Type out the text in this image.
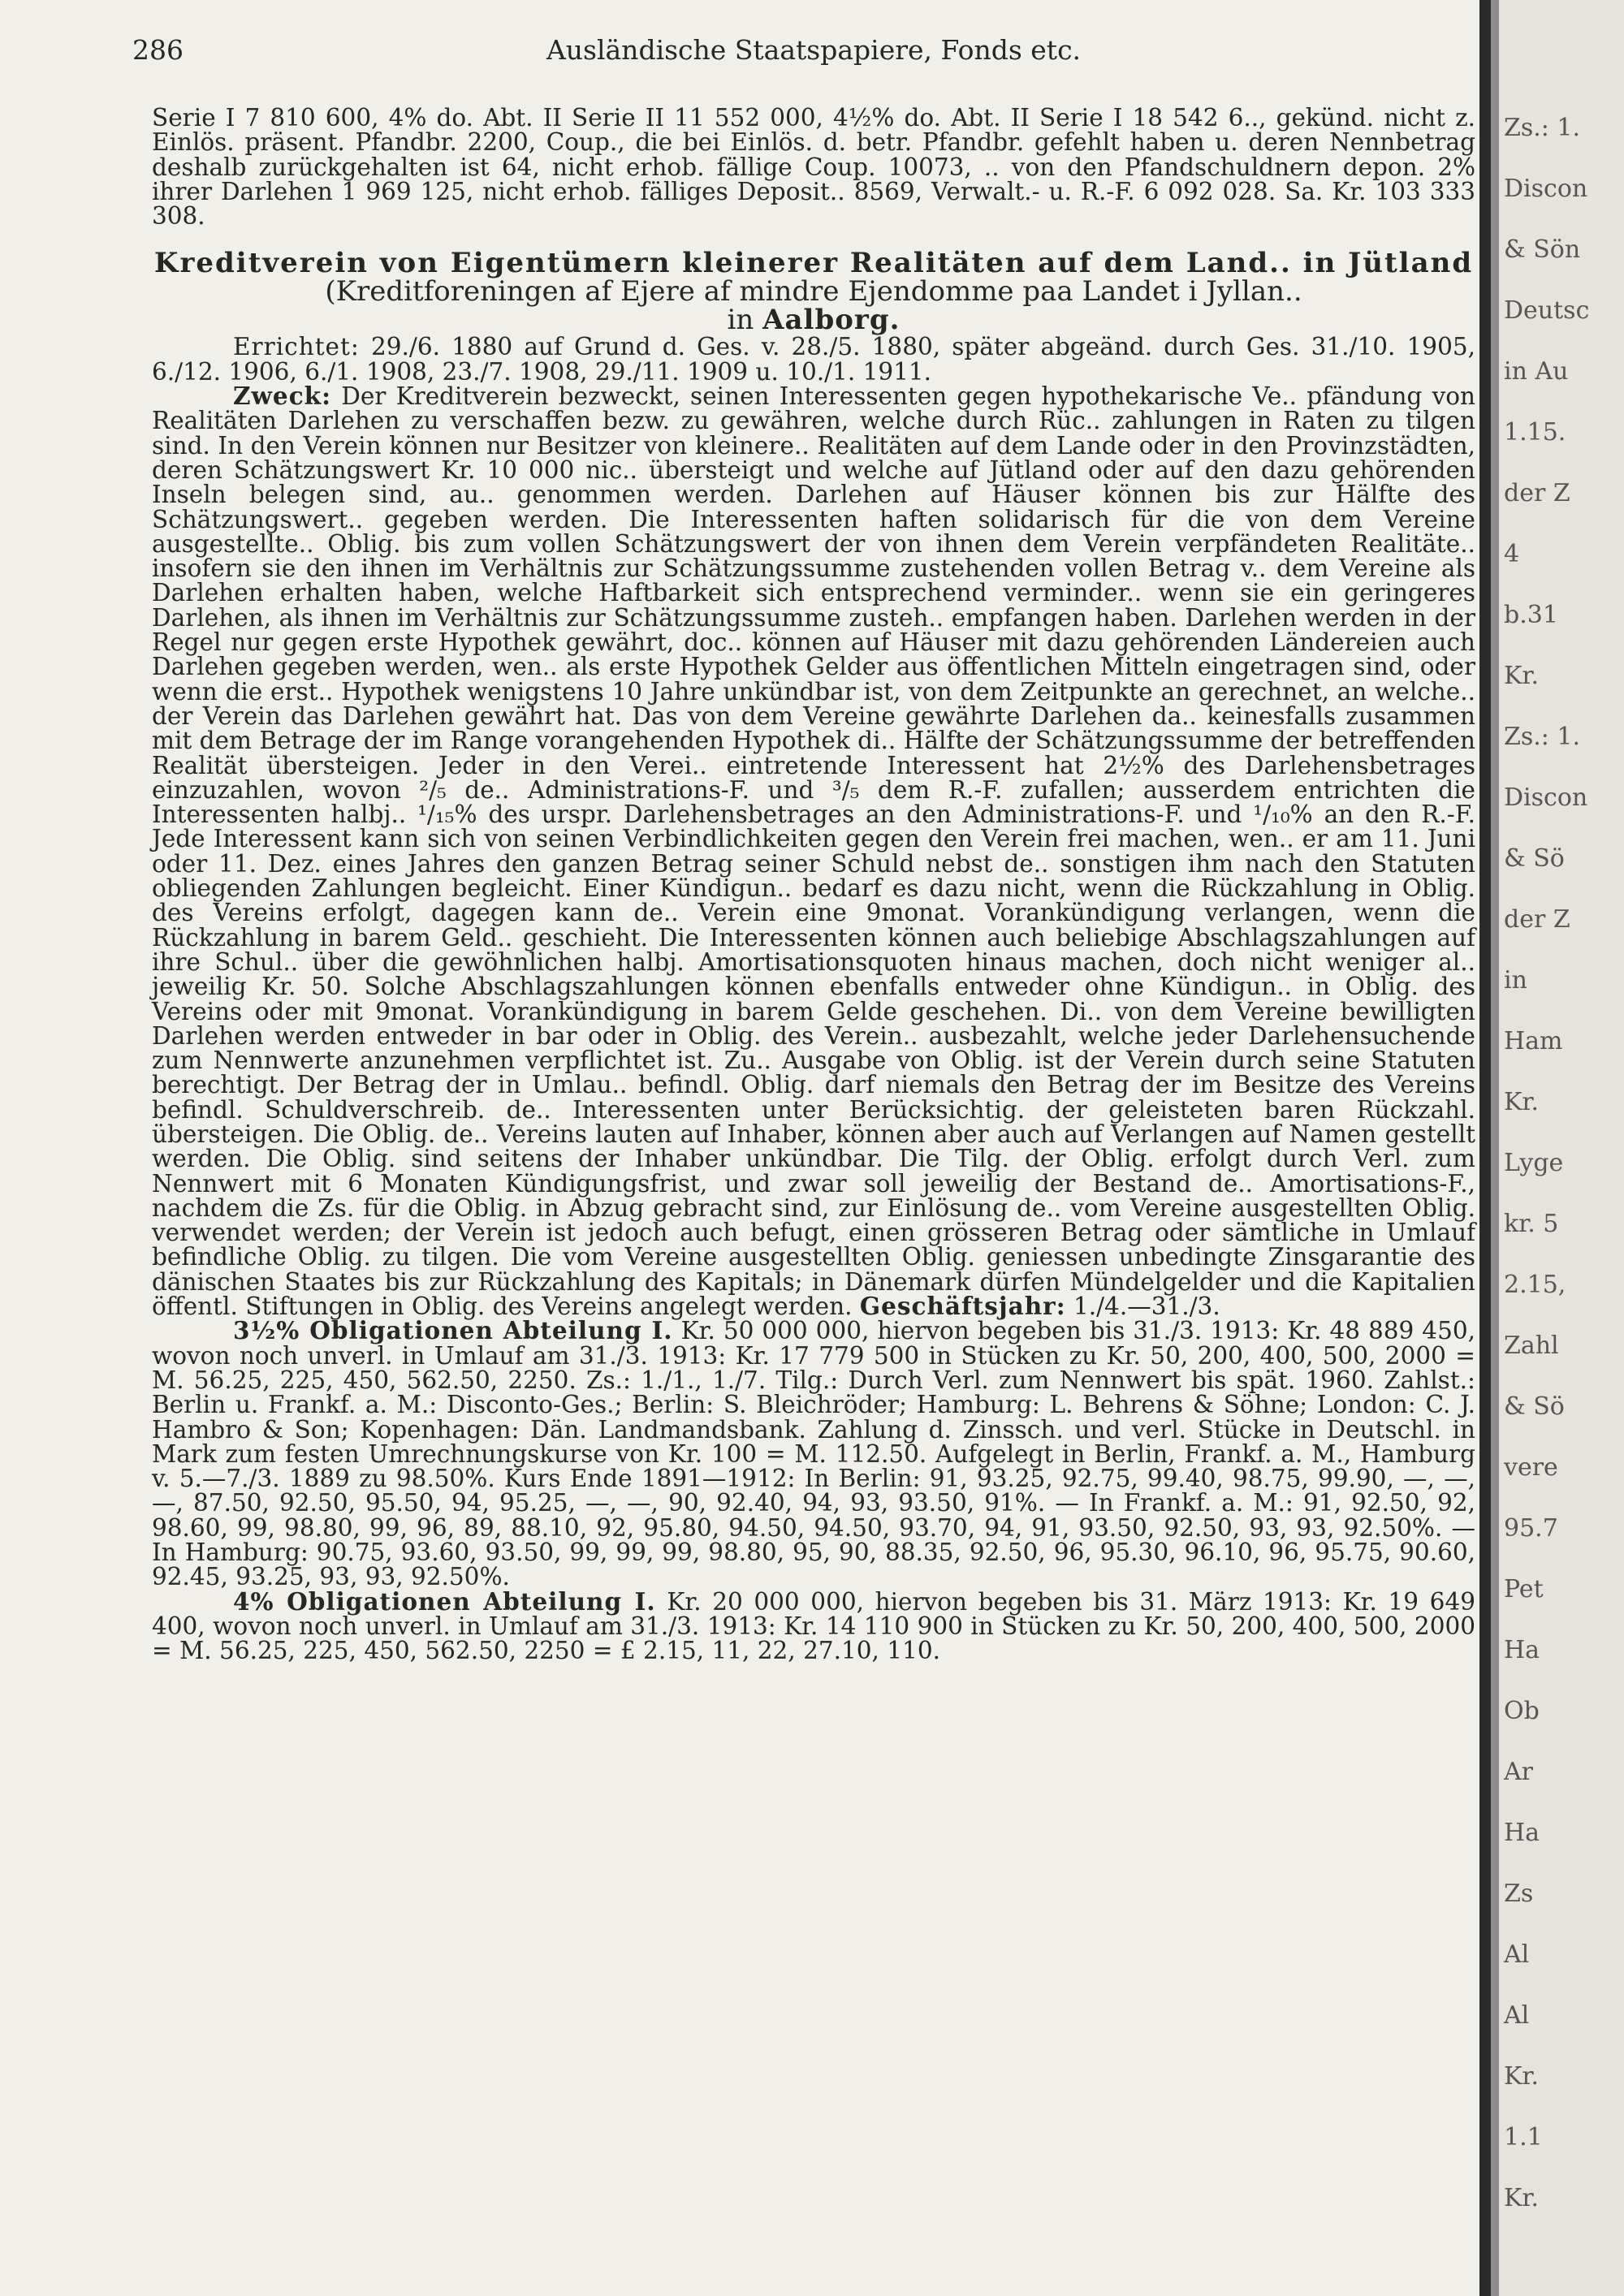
286	Ausländische Staatspapiere, Fonds etc.

Serie I 7 810 600, 4% do. Abt. II Serie II 11 552 000, 4½% do. Abt. II Serie I 18 542 6.., gekünd. nicht z. Einlös. präsent. Pfandbr. 2200, Coup., die bei Einlös. d. betr. Pfandbr. gefehlt haben u. deren Nennbetrag deshalb zurückgehalten ist 64, nicht erhob. fällige Coup. 10073, .. von den Pfandschuldnern depon. 2% ihrer Darlehen 1 969 125, nicht erhob. fälliges Deposit.. 8569, Verwalt.- u. R.-F. 6 092 028. Sa. Kr. 103 333 308.

Kreditverein von Eigentümern kleinerer Realitäten auf dem Land.. in Jütland (Kreditforeningen af Ejere af mindre Ejendomme paa Landet i Jyllan..
in Aalborg.

Errichtet: 29./6. 1880 auf Grund d. Ges. v. 28./5. 1880, später abgeänd. durch Ges. 31./10. 1905, 6./12. 1906, 6./1. 1908, 23./7. 1908, 29./11. 1909 u. 10./1. 1911.

Zweck: Der Kreditverein bezweckt, seinen Interessenten gegen hypothekarische Ve.. pfändung von Realitäten Darlehen zu verschaffen bezw. zu gewähren, welche durch Rüc.. zahlungen in Raten zu tilgen sind. In den Verein können nur Besitzer von kleinere.. Realitäten auf dem Lande oder in den Provinzstädten, deren Schätzungswert Kr. 10 000 nic.. übersteigt und welche auf Jütland oder auf den dazu gehörenden Inseln belegen sind, au.. genommen werden. Darlehen auf Häuser können bis zur Hälfte des Schätzungswert.. gegeben werden. Die Interessenten haften solidarisch für die von dem Vereine ausgestellte.. Oblig. bis zum vollen Schätzungswert der von ihnen dem Verein verpfändeten Realitäte.. insofern sie den ihnen im Verhältnis zur Schätzungssumme zustehenden vollen Betrag v.. dem Vereine als Darlehen erhalten haben, welche Haftbarkeit sich entsprechend verminder.. wenn sie ein geringeres Darlehen, als ihnen im Verhältnis zur Schätzungssumme zusteh.. empfangen haben. Darlehen werden in der Regel nur gegen erste Hypothek gewährt, doc.. können auf Häuser mit dazu gehörenden Ländereien auch Darlehen gegeben werden, wen.. als erste Hypothek Gelder aus öffentlichen Mitteln eingetragen sind, oder wenn die erst.. Hypothek wenigstens 10 Jahre unkündbar ist, von dem Zeitpunkte an gerechnet, an welche.. der Verein das Darlehen gewährt hat. Das von dem Vereine gewährte Darlehen da.. keinesfalls zusammen mit dem Betrage der im Range vorangehenden Hypothek di.. Hälfte der Schätzungssumme der betreffenden Realität übersteigen. Jeder in den Verei.. eintretende Interessent hat 2½% des Darlehensbetrages einzuzahlen, wovon ²/₅ de.. Administrations-F. und ³/₅ dem R.-F. zufallen; ausserdem entrichten die Interessenten halbj.. ¹/₁₅% des urspr. Darlehensbetrages an den Administrations-F. und ¹/₁₀% an den R.-F. Jede Interessent kann sich von seinen Verbindlichkeiten gegen den Verein frei machen, wen.. er am 11. Juni oder 11. Dez. eines Jahres den ganzen Betrag seiner Schuld nebst de.. sonstigen ihm nach den Statuten obliegenden Zahlungen begleicht. Einer Kündigun.. bedarf es dazu nicht, wenn die Rückzahlung in Oblig. des Vereins erfolgt, dagegen kann de.. Verein eine 9monat. Vorankündigung verlangen, wenn die Rückzahlung in barem Geld.. geschieht. Die Interessenten können auch beliebige Abschlagszahlungen auf ihre Schul.. über die gewöhnlichen halbj. Amortisationsquoten hinaus machen, doch nicht weniger al.. jeweilig Kr. 50. Solche Abschlagszahlungen können ebenfalls entweder ohne Kündigun.. in Oblig. des Vereins oder mit 9monat. Vorankündigung in barem Gelde geschehen. Di.. von dem Vereine bewilligten Darlehen werden entweder in bar oder in Oblig. des Verein.. ausbezahlt, welche jeder Darlehensuchende zum Nennwerte anzunehmen verpflichtet ist. Zu.. Ausgabe von Oblig. ist der Verein durch seine Statuten berechtigt. Der Betrag der in Umlau.. befindl. Oblig. darf niemals den Betrag der im Besitze des Vereins befindl. Schuldverschreib. de.. Interessenten unter Berücksichtig. der geleisteten baren Rückzahl. übersteigen. Die Oblig. de.. Vereins lauten auf Inhaber, können aber auch auf Verlangen auf Namen gestellt werden. Die Oblig. sind seitens der Inhaber unkündbar. Die Tilg. der Oblig. erfolgt durch Verl. zum Nennwert mit 6 Monaten Kündigungsfrist, und zwar soll jeweilig der Bestand de.. Amortisations-F., nachdem die Zs. für die Oblig. in Abzug gebracht sind, zur Einlösung de.. vom Vereine ausgestellten Oblig. verwendet werden; der Verein ist jedoch auch befugt, einen grösseren Betrag oder sämtliche in Umlauf befindliche Oblig. zu tilgen. Die vom Vereine ausgestellten Oblig. geniessen unbedingte Zinsgarantie des dänischen Staates bis zur Rückzahlung des Kapitals; in Dänemark dürfen Mündelgelder und die Kapitalien öffentl. Stiftungen in Oblig. des Vereins angelegt werden. Geschäftsjahr: 1./4.—31./3.

3½% Obligationen Abteilung I. Kr. 50 000 000, hiervon begeben bis 31./3. 1913: Kr. 48 889 450, wovon noch unverl. in Umlauf am 31./3. 1913: Kr. 17 779 500 in Stücken zu Kr. 50, 200, 400, 500, 2000 = M. 56.25, 225, 450, 562.50, 2250. Zs.: 1./1., 1./7. Tilg.: Durch Verl. zum Nennwert bis spät. 1960. Zahlst.: Berlin u. Frankf. a. M.: Disconto-Ges.; Berlin: S. Bleichröder; Hamburg: L. Behrens & Söhne; London: C. J. Hambro & Son; Kopenhagen: Dän. Landmandsbank. Zahlung d. Zinssch. und verl. Stücke in Deutschl. in Mark zum festen Umrechnungskurse von Kr. 100 = M. 112.50. Aufgelegt in Berlin, Frankf. a. M., Hamburg v. 5.—7./3. 1889 zu 98.50%. Kurs Ende 1891—1912: In Berlin: 91, 93.25, 92.75, 99.40, 98.75, 99.90, —, —, —, 87.50, 92.50, 95.50, 94, 95.25, —, —, 90, 92.40, 94, 93, 93.50, 91%. — In Frankf. a. M.: 91, 92.50, 92, 98.60, 99, 98.80, 99, 96, 89, 88.10, 92, 95.80, 94.50, 94.50, 93.70, 94, 91, 93.50, 92.50, 93, 93, 92.50%. — In Hamburg: 90.75, 93.60, 93.50, 99, 99, 99, 98.80, 95, 90, 88.35, 92.50, 96, 95.30, 96.10, 96, 95.75, 90.60, 92.45, 93.25, 93, 93, 92.50%.

4% Obligationen Abteilung I. Kr. 20 000 000, hiervon begeben bis 31. März 1913: Kr. 19 649 400, wovon noch unverl. in Umlauf am 31./3. 1913: Kr. 14 110 900 in Stücken zu Kr. 50, 200, 400, 500, 2000 = M. 56.25, 225, 450, 562.50, 2250 = £ 2.15, 11, 22, 27.10, 110.

Zs.: 1.
Discon
& Sön
Deutsc
in Au
1.15.
der Z
4
b.31
Kr.
Zs.: 1.
Discon
& Sö
der Z
in
Ham
Kr.
Lyge
kr. 5
2.15,
Zahl
& Sö
vere
95.7
Pet
Ha
Ob
Ar
Ha
Zs
Al
Al
Kr.
1.1
Kr.
